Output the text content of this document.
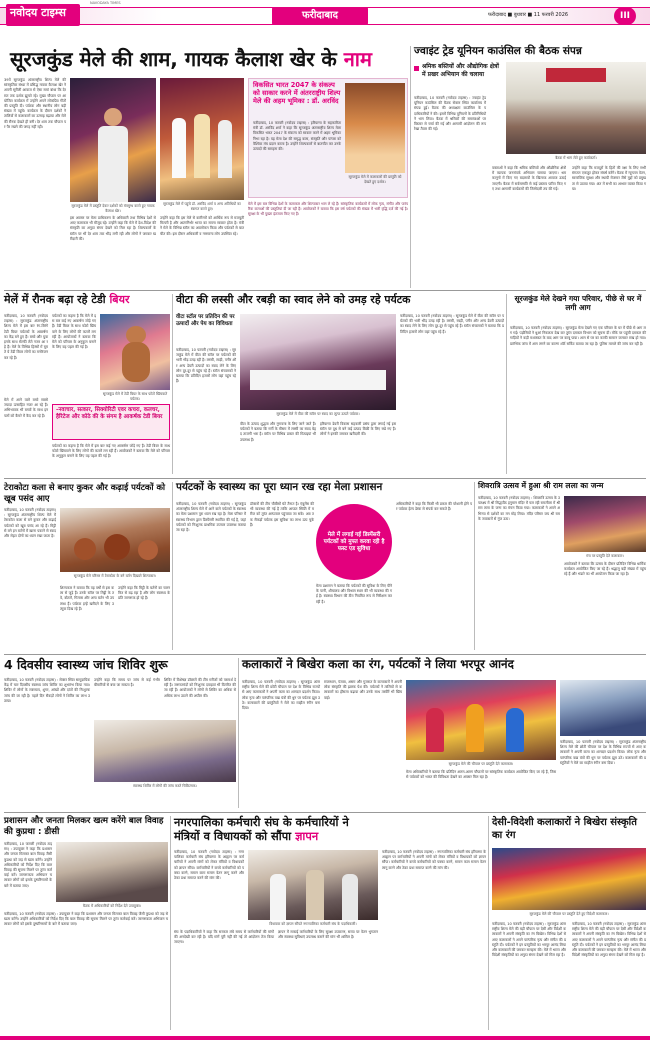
नवोदय टाइम्स
NAVODAYA TIMES
फरीदाबाद	फरीदाबाद ■ बुधवार ■ 11 फरवरी 2026	III
सूरजकुंड मेले की शाम, गायक कैलाश खेर के नाम
39वें सूरजकुंड अंतरराष्ट्रीय शिल्प मेले की सांस्कृतिक संध्या में प्रसिद्ध गायक कैलाश खेर ने अपनी सुरीली आवाज से ऐसा समां बांधा कि देर रात तक दर्शक झूमते रहे। मुख्य चौपाल पर आयोजित कार्यक्रम में उन्होंने अपने लोकप्रिय गीतों की प्रस्तुति दी। पर्यटक और स्थानीय लोग बड़ी संख्या में पहुंचे। कार्यक्रम के दौरान दर्शकों ने तालियों से कलाकारों का उत्साह बढ़ाया और मेले की रौनक देखते ही बनी। देर शाम तक चौपाल पर पैर रखने की जगह नहीं रही।
सूरजकुंड मेले में प्रस्तुति देकर दर्शकों को मंत्रमुग्ध करते हुए गायक कैलाश खेर।
इस अवसर पर मेला प्राधिकरण के अधिकारी तथा विभिन्न देशों से आए कलाकार भी मौजूद रहे। उन्होंने कहा कि मेले में देश-विदेश की संस्कृति का अनूठा संगम देखने को मिल रहा है। शिल्पकारों के स्टॉल पर भी देर शाम तक भीड़ लगी रही और लोगों ने जमकर खरीदारी की।
सूरजकुंड मेले में पहुंचे डॉ. अरविंद शर्मा व अन्य अतिथियों का स्वागत करते हुए।
उन्होंने कहा कि इस मेले से कारीगरों को आर्थिक रूप से मजबूती मिलती है और आत्मनिर्भर भारत का सपना साकार होता है। मंत्री ने मेले के विभिन्न स्टॉल का अवलोकन किया और पर्यटकों से बातचीत की। इस दौरान अधिकारी व गणमान्य लोग उपस्थित रहे।
विकसित भारत 2047 के संकल्प को साकार करने में अंतरराष्ट्रीय शिल्प मेले की अहम भूमिका : डॉ. अरविंद
फरीदाबाद, 10 फरवरी (नवोदय टाइम्स) : हरियाणा के सहकारिता मंत्री डॉ. अरविंद शर्मा ने कहा कि सूरजकुंड अंतरराष्ट्रीय शिल्प मेला विकसित भारत 2047 के संकल्प को साकार करने में अहम भूमिका निभा रहा है। यह मेला देश की समृद्ध कला, संस्कृति और परंपरा को वैश्विक मंच प्रदान करता है। उन्होंने शिल्पकारों से बातचीत कर उनके उत्पादों की सराहना की।
सूरजकुंड मेले में कलाकारों की प्रस्तुति को देखते हुए दर्शक।
मेले में इस बार विभिन्न देशों के कलाकार और शिल्पकार भाग ले रहे हैं। सांस्कृतिक कार्यक्रमों में लोक नृत्य, संगीत और पारंपरिक कलाओं की प्रस्तुतियां दी जा रही हैं। आयोजकों ने बताया कि इस वर्ष पर्यटकों की संख्या में भारी वृद्धि दर्ज की गई है। सुरक्षा के भी पुख्ता इंतजाम किए गए हैं।
ज्वाइंट ट्रेड यूनियन काउंसिल की बैठक संपन्न
श्रमिक बस्तियों और औद्योगिक क्षेत्रों में प्रखर अभियान की चलाया
फरीदाबाद, 10 फरवरी (नवोदय टाइम्स) : ज्वाइंट ट्रेड यूनियन काउंसिल की बैठक सेक्टर स्थित कार्यालय में संपन्न हुई। बैठक की अध्यक्षता काउंसिल के पदाधिकारियों ने की। इसमें विभिन्न यूनियनों के प्रतिनिधियों ने भाग लिया। बैठक में श्रमिकों की समस्याओं पर विस्तार से चर्चा की गई और आगामी आंदोलन की रूपरेखा तैयार की गई।
बैठक में भाग लेते हुए कार्यकर्ता।
वक्ताओं ने कहा कि श्रमिक बस्तियों और औद्योगिक क्षेत्रों में व्यापक जनसंपर्क अभियान चलाया जाएगा। श्रम कानूनों में किए गए बदलावों के खिलाफ आवाज उठाई जाएगी। बैठक में सर्वसम्मति से कई प्रस्ताव पारित किए गए तथा आगामी कार्यक्रमों की जिम्मेदारी तय की गई।
उन्होंने कहा कि मजदूरों के हितों की रक्षा के लिए सभी संगठन एकजुट होकर संघर्ष करेंगे। बैठक में न्यूनतम वेतन, सामाजिक सुरक्षा और स्थायी रोजगार जैसे मुद्दों को प्रमुखता से उठाया गया। अंत में सभी का आभार व्यक्त किया गया।
मेलें में रौनक बढ़ा रहे टेडी बियर
फरीदाबाद, 10 फरवरी (नवोदय टाइम्स) : सूरजकुंड अंतरराष्ट्रीय शिल्प मेले में इस बार रंग-बिरंगे टेडी बियर पर्यटकों के आकर्षण का केंद्र बने हुए हैं। बच्चे और युवा इनके साथ सेल्फी लेते नजर आ रहे हैं। मेले के विभिन्न हिस्सों में घूमते ये टेडी बियर लोगों का मनोरंजन कर रहे हैं।
पर्यटकों का कहना है कि मेले में इस बार कई नए आकर्षण जोड़े गए हैं। टेडी बियर के साथ फोटो खिंचवाने के लिए लोगों की कतारें लग रही हैं। आयोजकों ने बताया कि मेले को परिवार के अनुकूल बनाने के लिए यह पहल की गई है।
सूरजकुंड मेले में टेडी बियर के साथ फोटो खिंचवाते पर्यटक।
मेले में आने वाले बच्चे सबसे ज्यादा उत्साहित नजर आ रहे हैं। अभिभावक भी बच्चों के साथ इन पलों को कैमरे में कैद कर रहे हैं।
-नवाचार, सत्कार, सिक्योरिटी एवर कचरा, कलचर, हैरिटेज और कोठे की के संगम है आकर्षक टेडी बियर
पर्यटकों का कहना है कि मेले में इस बार कई नए आकर्षण जोड़े गए हैं। टेडी बियर के साथ फोटो खिंचवाने के लिए लोगों की कतारें लग रही हैं। आयोजकों ने बताया कि मेले को परिवार के अनुकूल बनाने के लिए यह पहल की गई है।
वीटा की लस्सी और रबड़ी का स्वाद लेने को उमड़ रहे पर्यटक
वीटा स्टॉल पर प्रतिदिन की पर उत्पादों और पेय का विविधता
फरीदाबाद, 10 फरवरी (नवोदय टाइम्स) : सूरजकुंड मेले में वीटा की स्टॉल पर पर्यटकों की भारी भीड़ उमड़ रही है। लस्सी, रबड़ी, पनीर और अन्य डेयरी उत्पादों का स्वाद लेने के लिए लोग दूर-दूर से पहुंच रहे हैं। स्टॉल संचालकों ने बताया कि प्रतिदिन हजारों लोग यहां पहुंच रहे हैं।
सूरजकुंड मेले में वीटा की स्टॉल पर स्वाद का लुत्फ उठाते पर्यटक।
वीटा के उत्पाद शुद्धता और गुणवत्ता के लिए जाने जाते हैं। पर्यटकों ने बताया कि गर्मी के मौसम में लस्सी का स्वाद बेहद ताजगी भरा है। स्टॉल पर विभिन्न प्रकार की मिठाइयां भी उपलब्ध हैं।
हरियाणा डेयरी विकास सहकारी प्रसंघ द्वारा लगाई गई इस स्टॉल पर दूध से बने कई उत्पाद बिक्री के लिए रखे गए हैं। लोगों ने इनकी जमकर खरीदारी की।
फरीदाबाद, 10 फरवरी (नवोदय टाइम्स) : सूरजकुंड मेले में वीटा की स्टॉल पर पर्यटकों की भारी भीड़ उमड़ रही है। लस्सी, रबड़ी, पनीर और अन्य डेयरी उत्पादों का स्वाद लेने के लिए लोग दूर-दूर से पहुंच रहे हैं। स्टॉल संचालकों ने बताया कि प्रतिदिन हजारों लोग यहां पहुंच रहे हैं।
सूरजकुंड मेले देखने गया परिवार, पीछे से घर में लगी आग
फरीदाबाद, 10 फरवरी (नवोदय टाइम्स) : सूरजकुंड मेला देखने गए एक परिवार के घर में पीछे से आग लग गई। पड़ोसियों ने धुआं निकलता देख कर तुरंत दमकल विभाग को सूचना दी। मौके पर पहुंची दमकल की गाड़ियों ने कड़ी मशक्कत के बाद आग पर काबू पाया। आग से घर का काफी सामान जलकर राख हो गया। प्रारंभिक जांच में आग लगने का कारण शॉर्ट सर्किट बताया जा रहा है। पुलिस मामले की जांच कर रही है।
टेराकोटा कला से बनाए कुकर और कढ़ाई पर्यटकों को खूब पसंद आए
फरीदाबाद, 10 फरवरी (नवोदय टाइम्स) : सूरजकुंड अंतरराष्ट्रीय शिल्प मेले में टेराकोटा कला से बने कुकर और कढ़ाई पर्यटकों को खूब पसंद आ रहे हैं। मिट्टी से बने इन बर्तनों में खाना पकाने से स्वाद और सेहत दोनों का ध्यान रखा जाता है।
सूरजकुंड मेले परिसर में टेराकोटा के बने बर्तन दिखाते शिल्पकार।
शिल्पकार ने बताया कि वह वर्षों से इस कला से जुड़े हैं। उनके स्टॉल पर मिट्टी के तवे, बोतलें, गिलास और अन्य बर्तन भी उपलब्ध हैं। पर्यटक इन्हें खरीदने के लिए उत्सुक दिख रहे हैं।
उन्होंने कहा कि मिट्टी के बर्तनों का चलन फिर से बढ़ रहा है और लोग स्वास्थ्य के प्रति जागरूक हो रहे हैं।
पर्यटकों के स्वास्थ्य का पूरा ध्यान रख रहा मेला प्रशासन
फरीदाबाद, 10 फरवरी (नवोदय टाइम्स) : सूरजकुंड अंतरराष्ट्रीय शिल्प मेले में आने वाले पर्यटकों के स्वास्थ्य का मेला प्रशासन पूरा ध्यान रख रहा है। मेला परिसर में स्वास्थ्य विभाग द्वारा डिस्पेंसरी स्थापित की गई है, जहां पर्यटकों को निःशुल्क प्राथमिक उपचार उपलब्ध कराया जा रहा है।
डॉक्टरों की टीम चौबीसों घंटे तैनात है। एंबुलेंस की भी व्यवस्था की गई है ताकि आपात स्थिति में मरीज को तुरंत अस्पताल पहुंचाया जा सके। अब तक सैकड़ों पर्यटक इस सुविधा का लाभ उठा चुके हैं।
मेले में लगाई गई डिस्पेंसरी पर्यटकों को मुफ्त करवा रही है फस्ट एड सुविधा
मेला प्रशासन ने बताया कि पर्यटकों की सुविधा के लिए पीने के पानी, शौचालय और विश्राम स्थल की भी व्यवस्था की गई है। स्वास्थ्य विभाग की टीम नियमित रूप से निरीक्षण कर रही है।
अधिकारियों ने कहा कि किसी भी प्रकार की परेशानी होने पर पर्यटक हेल्प डेस्क से संपर्क कर सकते हैं।
शिवरात्रि उत्सव में हुआ श्री राम लला का जन्म
फरीदाबाद, 10 फरवरी (नवोदय टाइम्स) : शिवरात्रि उत्सव के उपलक्ष्य में श्री सिद्धपीठ हनुमान मंदिर में चल रही रामलीला में श्री राम लला के जन्म का मंचन किया गया। कलाकारों ने अपने अभिनय से दर्शकों का मन मोह लिया। मंदिर परिसर जय श्री राम के जयकारों से गूंज उठा।
मंच पर प्रस्तुति देते कलाकार।
आयोजकों ने बताया कि उत्सव के दौरान प्रतिदिन विभिन्न धार्मिक कार्यक्रम आयोजित किए जा रहे हैं। श्रद्धालु बड़ी संख्या में पहुंच रहे हैं और भंडारे का भी आयोजन किया जा रहा है।
4 दिवसीय स्वास्थ्य जांच शिविर शुरू
फरीदाबाद, 10 फरवरी (नवोदय टाइम्स) : सेक्टर स्थित सामुदायिक केंद्र में चार दिवसीय स्वास्थ्य जांच शिविर का शुभारंभ किया गया। शिविर में लोगों के रक्तचाप, शुगर, आंखों और दांतों की निःशुल्क जांच की जा रही है। पहले दिन सैकड़ों लोगों ने शिविर का लाभ उठाया।
उन्होंने कहा कि समय पर जांच से कई गंभीर बीमारियों से बचा जा सकता है।
स्वास्थ्य शिविर में लोगों की जांच करते चिकित्सक।
शिविर में विशेषज्ञ डॉक्टरों की टीम मरीजों को परामर्श दे रही है। जरूरतमंदों को निःशुल्क दवाइयां भी वितरित की जा रही हैं। आयोजकों ने लोगों से शिविर का अधिक से अधिक लाभ उठाने की अपील की।
कलाकारों ने बिखेरा कला का रंग, पर्यटकों ने लिया भरपूर आनंद
फरीदाबाद, 10 फरवरी (नवोदय टाइम्स) : सूरजकुंड अंतरराष्ट्रीय शिल्प मेले की छोटी चौपाल पर देश के विभिन्न राज्यों से आए कलाकारों ने अपनी कला का शानदार प्रदर्शन किया। लोक नृत्य और पारंपरिक वाद्य यंत्रों की धुन पर पर्यटक झूम उठे। कलाकारों की प्रस्तुतियों ने मेले का माहौल रंगीन बना दिया।
राजस्थान, पंजाब, असम और गुजरात के कलाकारों ने अपनी लोक संस्कृति की झलक पेश की। पर्यटकों ने तालियों से कलाकारों का हौसला बढ़ाया और उनके साथ तस्वीरें भी खिंचवाईं।
सूरजकुंड मेले की चौपाल पर प्रस्तुति देते कलाकार।
मेला अधिकारियों ने बताया कि प्रतिदिन अलग-अलग चौपालों पर सांस्कृतिक कार्यक्रम आयोजित किए जा रहे हैं, जिससे पर्यटकों को भारत की विविधता देखने का अवसर मिल रहा है।
फरीदाबाद, 10 फरवरी (नवोदय टाइम्स) : सूरजकुंड अंतरराष्ट्रीय शिल्प मेले की छोटी चौपाल पर देश के विभिन्न राज्यों से आए कलाकारों ने अपनी कला का शानदार प्रदर्शन किया। लोक नृत्य और पारंपरिक वाद्य यंत्रों की धुन पर पर्यटक झूम उठे। कलाकारों की प्रस्तुतियों ने मेले का माहौल रंगीन बना दिया।
प्रशासन और जनता मिलकर खत्म करेंगे बाल विवाह की कुप्रथा : डीसी
फरीदाबाद, 10 फरवरी (नवोदय टाइम्स) : उपायुक्त ने कहा कि प्रशासन और जनता मिलकर बाल विवाह जैसी कुप्रथा को जड़ से खत्म करेंगे। उन्होंने अधिकारियों को निर्देश दिए कि बाल विवाह की सूचना मिलने पर तुरंत कार्रवाई करें। जागरूकता अभियान चलाकर लोगों को इसके दुष्परिणामों के बारे में बताया जाए।
बैठक में अधिकारियों को निर्देश देते उपायुक्त।
फरीदाबाद, 10 फरवरी (नवोदय टाइम्स) : उपायुक्त ने कहा कि प्रशासन और जनता मिलकर बाल विवाह जैसी कुप्रथा को जड़ से खत्म करेंगे। उन्होंने अधिकारियों को निर्देश दिए कि बाल विवाह की सूचना मिलने पर तुरंत कार्रवाई करें। जागरूकता अभियान चलाकर लोगों को इसके दुष्परिणामों के बारे में बताया जाए।
नगरपालिका कर्मचारी संघ के कर्मचारियों ने
मंत्रियों व विधायकों को सौंपा ज्ञापन
फरीदाबाद, 10 फरवरी (नवोदय टाइम्स) : नगरपालिका कर्मचारी संघ हरियाणा के आह्वान पर कर्मचारियों ने अपनी मांगों को लेकर मंत्रियों व विधायकों को ज्ञापन सौंपा। कर्मचारियों ने कच्चे कर्मचारियों को पक्का करने, समान काम समान वेतन लागू करने और ठेका प्रथा समाप्त करने की मांग की।
विधायक को ज्ञापन सौंपते नगरपालिका कर्मचारी संघ के पदाधिकारी।
संघ के पदाधिकारियों ने कहा कि सरकार लंबे समय से कर्मचारियों की मांगों की अनदेखी कर रही है। यदि मांगें पूरी नहीं की गईं तो आंदोलन तेज किया जाएगा।
ज्ञापन में सफाई कर्मचारियों के लिए सुरक्षा उपकरण, समय पर वेतन भुगतान और स्वास्थ्य सुविधाएं उपलब्ध कराने की मांग भी शामिल है।
फरीदाबाद, 10 फरवरी (नवोदय टाइम्स) : नगरपालिका कर्मचारी संघ हरियाणा के आह्वान पर कर्मचारियों ने अपनी मांगों को लेकर मंत्रियों व विधायकों को ज्ञापन सौंपा। कर्मचारियों ने कच्चे कर्मचारियों को पक्का करने, समान काम समान वेतन लागू करने और ठेका प्रथा समाप्त करने की मांग की।
देसी-विदेशी कलाकारों ने बिखेरा संस्कृति का रंग
सूरजकुंड मेले की चौपाल पर प्रस्तुति देते हुए विदेशी कलाकार।
फरीदाबाद, 10 फरवरी (नवोदय टाइम्स) : सूरजकुंड अंतरराष्ट्रीय शिल्प मेले की बड़ी चौपाल पर देसी और विदेशी कलाकारों ने अपनी संस्कृति का रंग बिखेरा। विभिन्न देशों से आए कलाकारों ने अपने पारंपरिक नृत्य और संगीत की प्रस्तुति दी। पर्यटकों ने इन प्रस्तुतियों का भरपूर आनंद लिया और कलाकारों की जमकर सराहना की। मेले में भारत और विदेशी संस्कृतियों का अनूठा संगम देखने को मिल रहा है।
फरीदाबाद, 10 फरवरी (नवोदय टाइम्स) : सूरजकुंड अंतरराष्ट्रीय शिल्प मेले की बड़ी चौपाल पर देसी और विदेशी कलाकारों ने अपनी संस्कृति का रंग बिखेरा। विभिन्न देशों से आए कलाकारों ने अपने पारंपरिक नृत्य और संगीत की प्रस्तुति दी। पर्यटकों ने इन प्रस्तुतियों का भरपूर आनंद लिया और कलाकारों की जमकर सराहना की। मेले में भारत और विदेशी संस्कृतियों का अनूठा संगम देखने को मिल रहा है।
